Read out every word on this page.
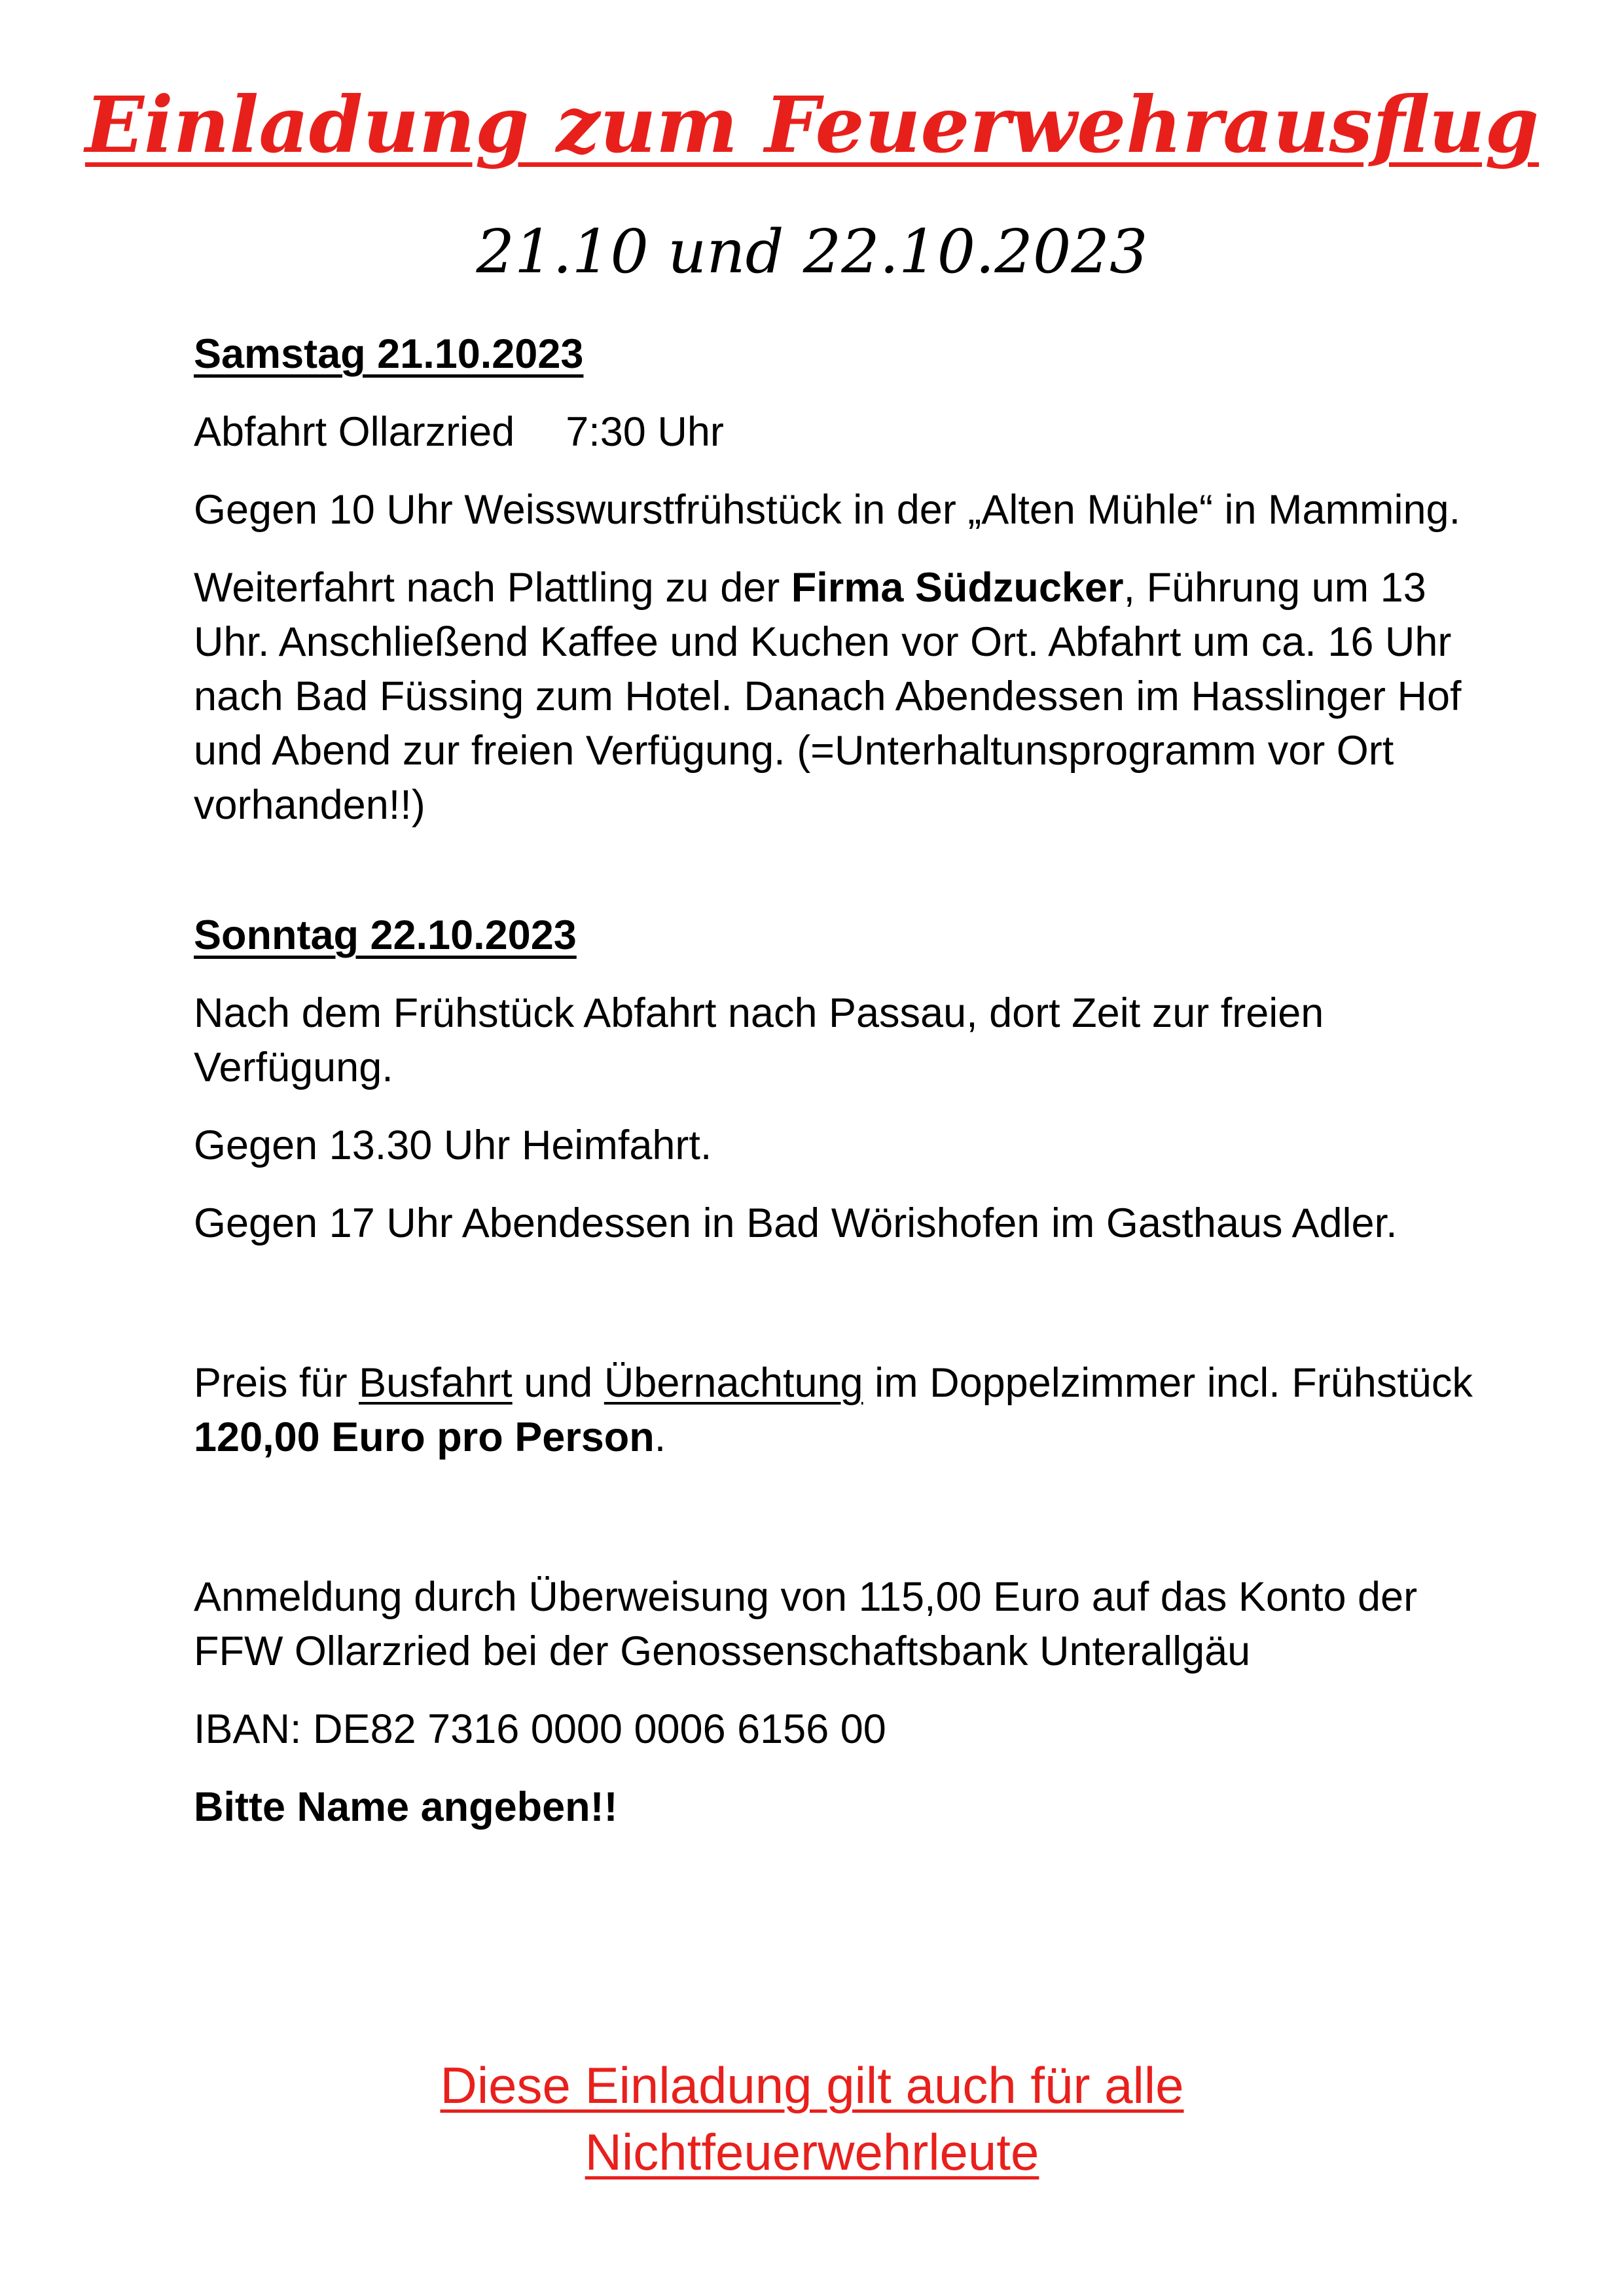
Einladung zum Feuerwehrausflug
21.10 und 22.10.2023

Samstag 21.10.2023

Abfahrt Ollarzried 7:30 Uhr

Gegen 10 Uhr Weisswurstfrühstück in der „Alten Mühle“ in Mamming.

Weiterfahrt nach Plattling zu der Firma Südzucker, Führung um 13 Uhr. Anschließend Kaffee und Kuchen vor Ort. Abfahrt um ca. 16 Uhr nach Bad Füssing zum Hotel. Danach Abendessen im Hasslinger Hof und Abend zur freien Verfügung. (=Unterhaltunsprogramm vor Ort vorhanden!!)

Sonntag 22.10.2023

Nach dem Frühstück Abfahrt nach Passau, dort Zeit zur freien Verfügung.

Gegen 13.30 Uhr Heimfahrt.

Gegen 17 Uhr Abendessen in Bad Wörishofen im Gasthaus Adler.

Preis für Busfahrt und Übernachtung im Doppelzimmer incl. Frühstück 120,00 Euro pro Person.

Anmeldung durch Überweisung von 115,00 Euro auf das Konto der FFW Ollarzried bei der Genossenschaftsbank Unterallgäu

IBAN: DE82 7316 0000 0006 6156 00

Bitte Name angeben!!

Diese Einladung gilt auch für alle
Nichtfeuerwehrleute
